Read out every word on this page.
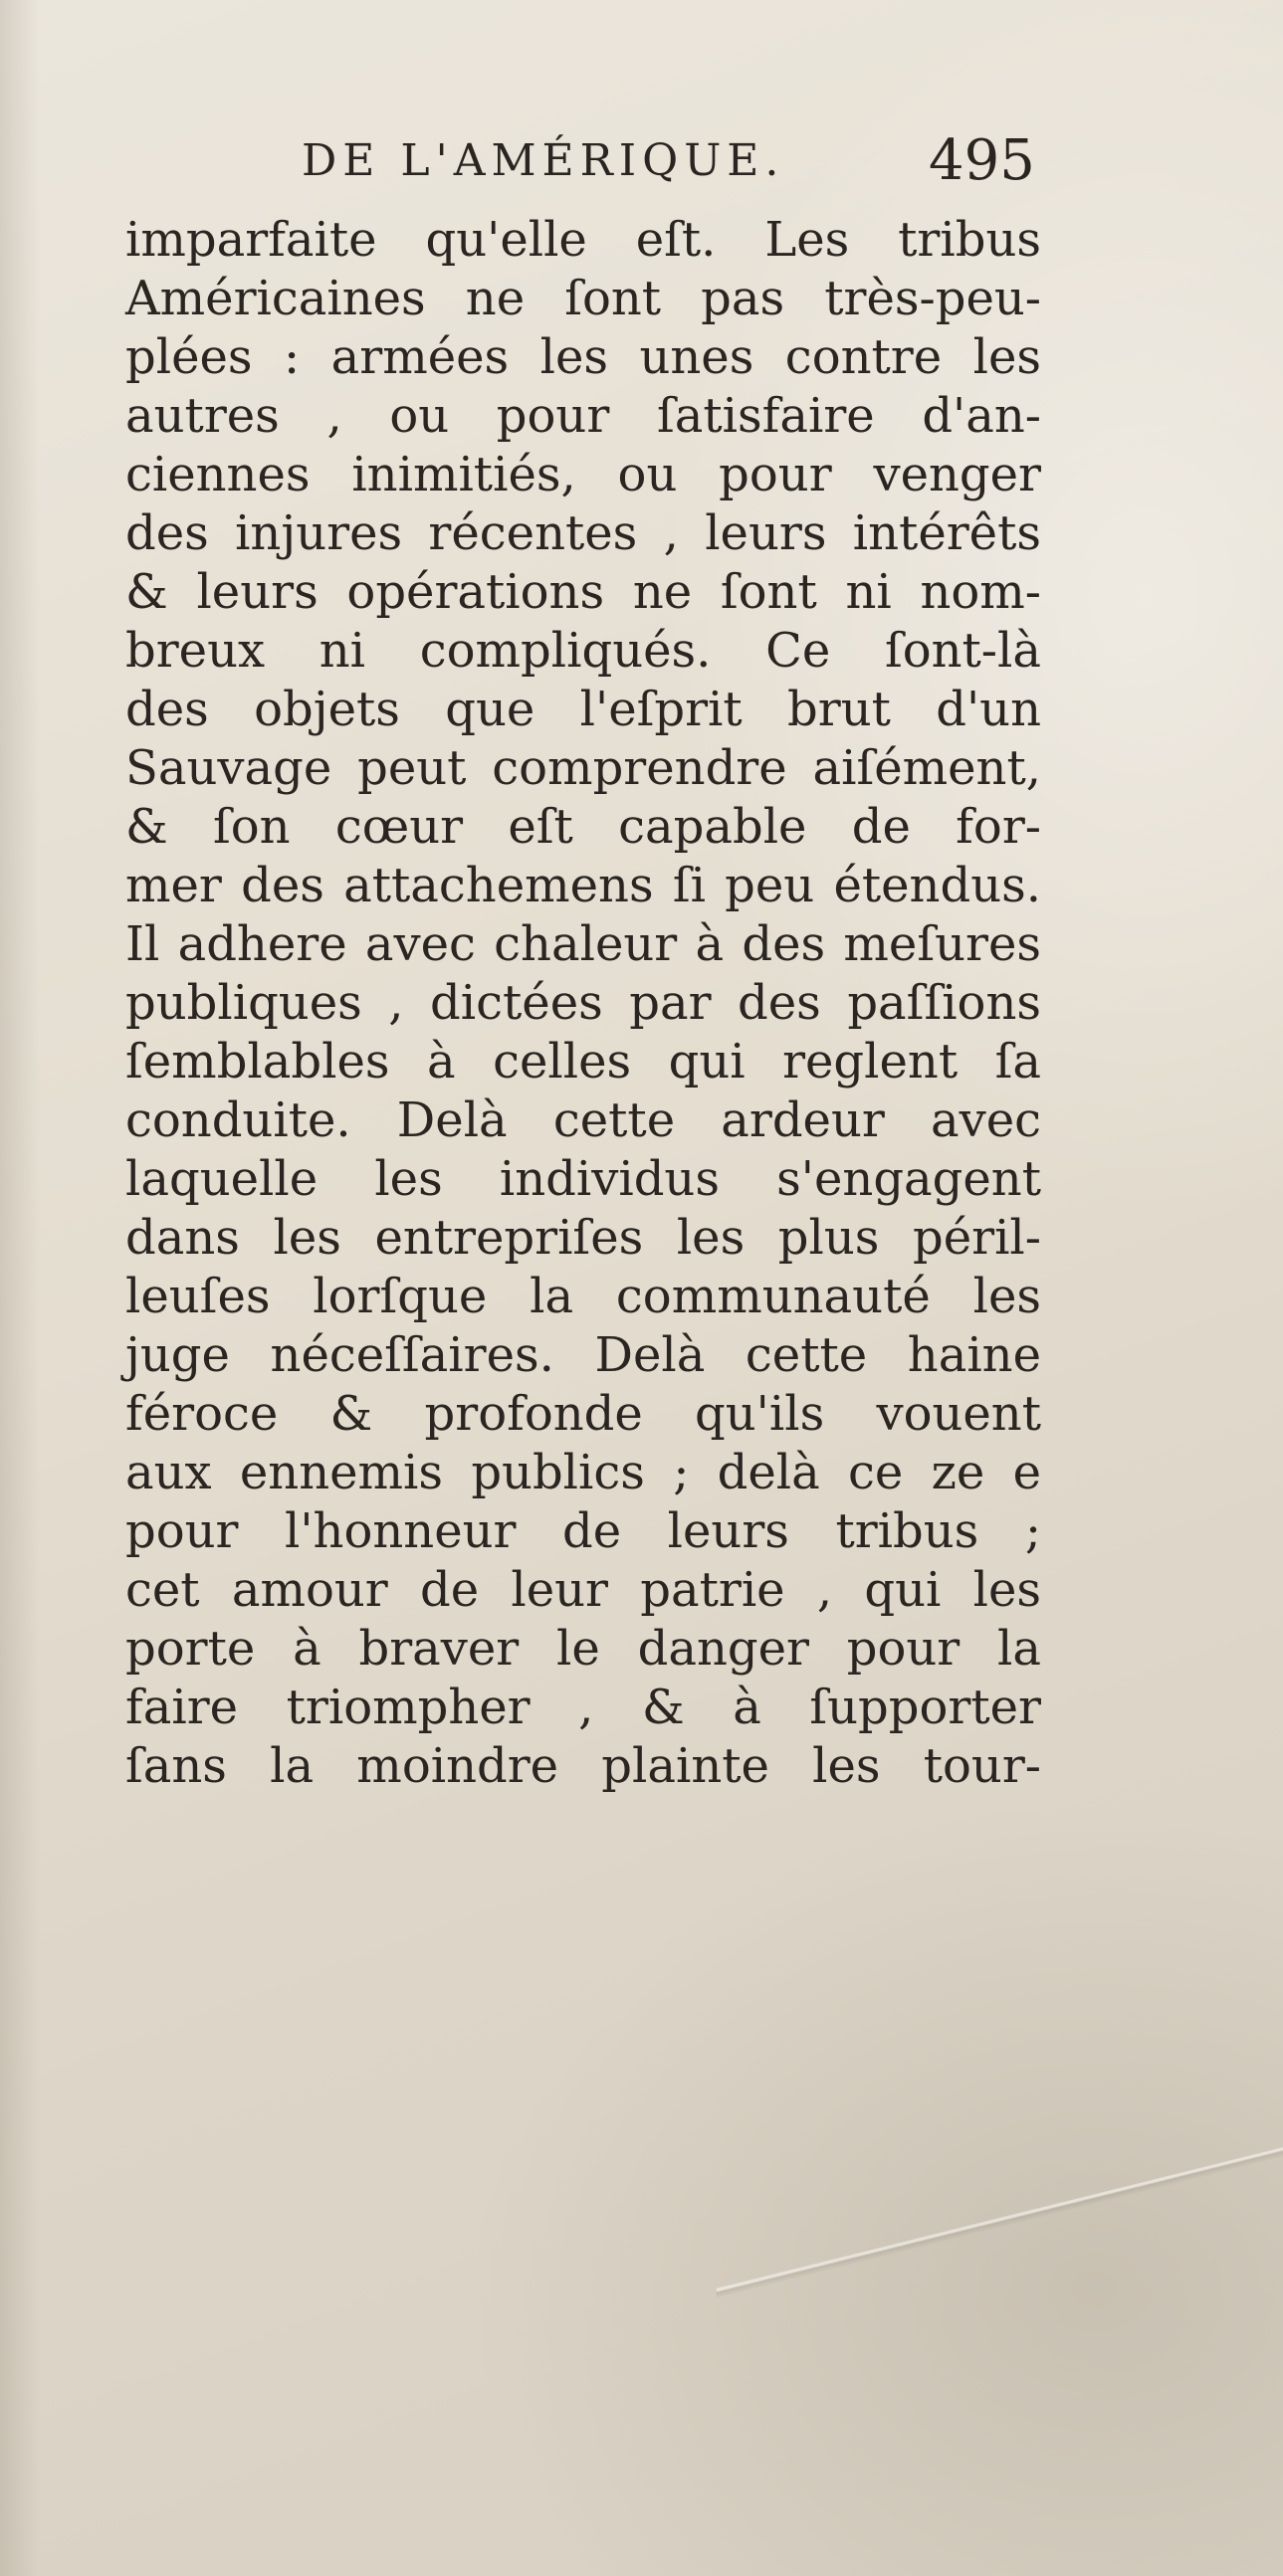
DE L'AMÉRIQUE.	495
imparfaite qu'elle eſt. Les tribus
Américaines ne ſont pas très-peu-
plées : armées les unes contre les
autres , ou pour ſatisfaire d'an-
ciennes inimitiés, ou pour venger
des injures récentes , leurs intérêts
& leurs opérations ne ſont ni nom-
breux ni compliqués. Ce ſont-là
des objets que l'eſprit brut d'un
Sauvage peut comprendre aiſément,
& ſon cœur eſt capable de for-
mer des attachemens ſi peu étendus.
Il adhere avec chaleur à des meſures
publiques , dictées par des paſſions
ſemblables à celles qui reglent ſa
conduite. Delà cette ardeur avec
laquelle les individus s'engagent
dans les entrepriſes les plus péril-
leuſes lorſque la communauté les
juge néceſſaires. Delà cette haine
féroce & profonde qu'ils vouent
aux ennemis publics ; delà ce ze e
pour l'honneur de leurs tribus ;
cet amour de leur patrie , qui les
porte à braver le danger pour la
faire triompher , & à ſupporter
ſans la moindre plainte les tour-
